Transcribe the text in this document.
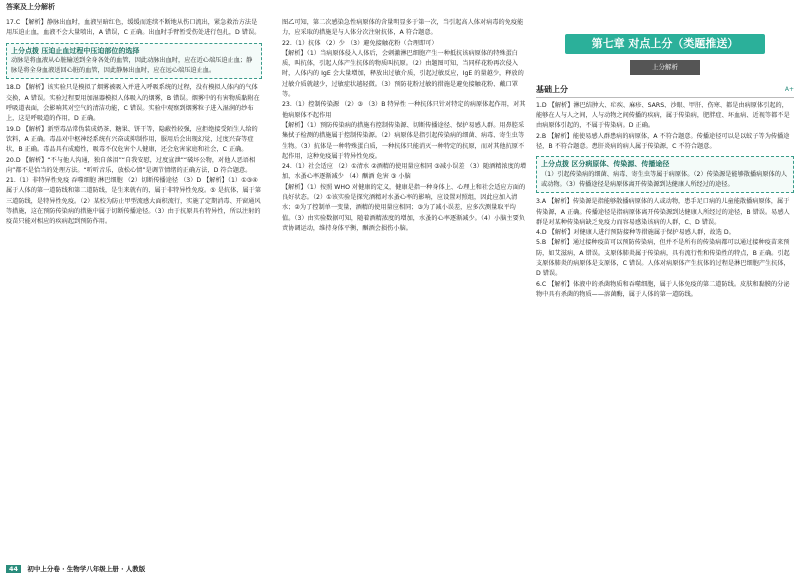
答案及上分解析

17.C 【解析】静脉出血时，血液呈暗红色，缓缓而连续不断地从伤口流出，紧急救治方法是用压迫止血，血液不会大量喷出，A 错误，C 正确。出血时手臂暂受伤处进行包扎，D 错误。

上分点拨 压迫止血过程中压迫部位的选择
动脉是将血液从心脏输送到全身各处的血管，因此动脉出血时，应在近心端压迫止血；静脉是将全身血液送回心脏的血管，因此静脉出血时，应在远心端压迫止血。

18.D 【解析】该实验只是模拟了烟雾被吸入并进入呼吸系统的过程，没有模拟人体内的气体交换，A 错误。实验过程要用加湿器模拟人体吸入的烟雾，B 错误。烟雾中的有害物质黏附在呼吸道表面，会影响其对空气的清洁功能，C 错误。实验中观察到烟雾粒子进入湿润的纱布上，这是呼吸道的作用，D 正确。

19.D 【解析】新型毒品常伪装成奶茶、糖果、饼干等，隐蔽性较强，应拒绝接受陌生人给的饮料，A 正确。毒品对中枢神经系统有兴奋或抑制作用，服用后会出现幻觉，过度兴奋等症状，B 正确。毒品具有成瘾性，吸毒不仅危害个人健康，还会危害家庭和社会，C 正确。

20.D 【解析】“不与他人沟通，独自落泪”“自我安慰，过度宣泄”“破坏公物，对他人恶语相向”都不是恰当的处理方法。“听听音乐，放松心情”是调节情绪的正确方法，D 符合题意。

21.（1）非特异性免疫 吞噬细胞 淋巴细胞 （2）切断传播途径 （3）D 【解析】（1）①③④ 属于人体的第一道防线和第二道防线，是生来就有的，属于非特异性免疫。⑤ 是抗体，属于第三道防线，是特异性免疫。（2）某校为防止甲型流感大面积流行，实施了定期消毒、开窗通风等措施，这在预防传染病的措施中属于切断传播途径。（3）由于抗原具有特异性，所以注射的疫苗只能对相应的疾病起到预防作用。

图乙可知，第二次感染急性病原体的含量明显多于第一次，当引起高人体对病毒的免疫能力，应采取的措施是与人体分次注射抗体，A 符合题意。

22.（1）抗体 （2）少 （3）避免接触花粉（合理即可）

【解析】（1）当病原体侵入人体后，会刺激淋巴细胞产生一种抵抗该病原体的特殊蛋白质，叫抗体，引起人体产生抗体的物质叫抗原。（2）由题图可知，当同样花粉再次侵入时，人体内的 IgE 会大量增加，释放出过敏介质，引起过敏反应，IgE 的量越少，释放的过敏介质就越少，过敏症状越轻微。（3）预防花粉过敏的措施是避免接触花粉、戴口罩等。

23.（1）控制传染源 （2）③ （3）B 特异性 一种抗体只针对特定的病原体起作用，对其他病原体不起作用

【解析】（1）预防传染病的措施有控制传染源、切断传播途径、保护易感人群。用鼻腔采集拭子检测的措施属于控制传染源。（2）病原体是指引起传染病的细菌、病毒、寄生虫等生物。（3）抗体是一种特殊蛋白质，一种抗体只能消灭一种特定的抗原，而对其他抗原不起作用，这种免疫属于特异性免疫。

24.（1）社会适应 （2）①清水 ②酒精的使用量应相同 ③减小误差 （3）随酒精浓度的增加，水蚤心率逐渐减少 （4）酗酒 危害 ③ 小脑

【解析】（1）按照 WHO 对健康的定义，健康是指一种身体上、心理上和社会适应方面的良好状态。（2）①该实验是探究酒精对水蚤心率的影响，应设置对照组，因此应加入清水；②为了控制单一变量，酒精的使用量应相同；③为了减小误差，应多次测量取平均值。（3）由实验数据可知，随着酒精浓度的增加，水蚤的心率逐渐减少。（4）小脑主要负责协调运动，维持身体平衡，酗酒会损伤小脑。

第七章 对点上分（类题推送）
上分解析
基础上分	A+

1.D 【解析】淋巴结肿大、疟疾、麻疹、SARS、沙眼、甲肝、伤寒、都是由病原体引起的，能够在人与人之间，人与动物之间传播的疾病，属于传染病，肥胖症、坏血病、近视等都不是由病原体引起的，不属于传染病。D 正确。

2.B 【解析】能使易感人群患病的病原体，A 不符合题意。传播途径可以是以蚊子等为传播途径，B 不符合题意。患肝炎病的病人属于传染源，C 不符合题意。

上分点拨 区分病原体、传染源、传播途径
（1）引起传染病的细菌、病毒、寄生虫等属于病原体。（2）传染源是能够散播病原体的人或动物。（3）传播途径是病原体离开传染源到达健康人所经过的途径。

3.A 【解析】传染源是指能够散播病原体的人或动物，患手足口病的儿童能散播病原体，属于传染源，A 正确。传播途径是指病原体离开传染源到达健康人所经过的途径，B 错误。易感人群是对某种传染病缺乏免疫力而容易感染该病的人群，C、D 错误。

4.D 【解析】对健康人进行预防接种等措施属于保护易感人群，故选 D。

5.B 【解析】通过接种疫苗可以预防传染病，但并不是所有的传染病都可以通过接种疫苗来预防，如艾滋病，A 错误。支原体肺炎属于传染病，具有流行性和传染性的特点，B 正确。引起支原体肺炎的病原体是支原体，C 错误。人体对病原体产生抗体的过程是淋巴细胞产生抗体，D 错误。

6.C 【解析】体液中的杀菌物质和吞噬细胞，属于人体免疫的第二道防线。皮肤和黏膜的分泌物中具有杀菌的物质——溶菌酶，属于人体的第一道防线。

44 初中上分卷 · 生物学八年级上册 · 人教版
